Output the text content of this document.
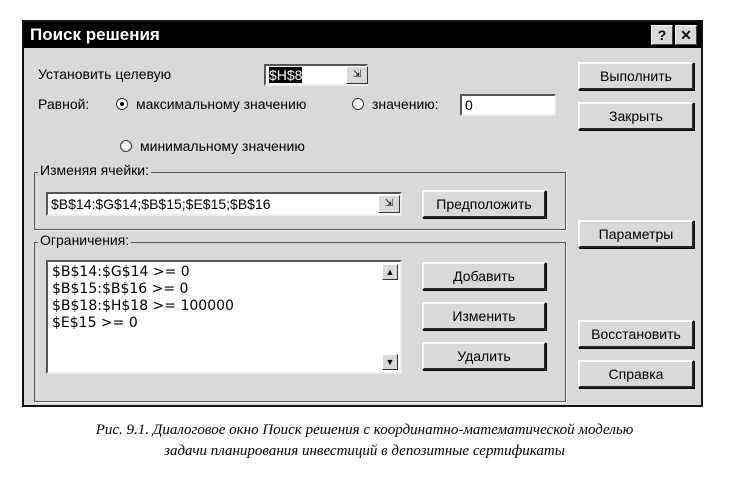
Поиск решения	? ✕
Установить целевую	$H$8	⇲
Равной:	максимальному значению	значению:	0
минимальному значению
Изменяя ячейки:
$B$14:$G$14;$B$15;$E$15;$B$16	⇲	Предположить
Ограничения:
$B$14:$G$14 >= 0
$B$15:$B$16 >= 0
$B$18:$H$18 >= 100000
$E$15 >= 0
▲
▼
Добавить
Изменить
Удалить
Выполнить
Закрыть
Параметры
Восстановить
Справка
Рис. 9.1. Диалоговое окно Поиск решения с координатно-математической моделью
задачи планирования инвестиций в депозитные сертификаты
